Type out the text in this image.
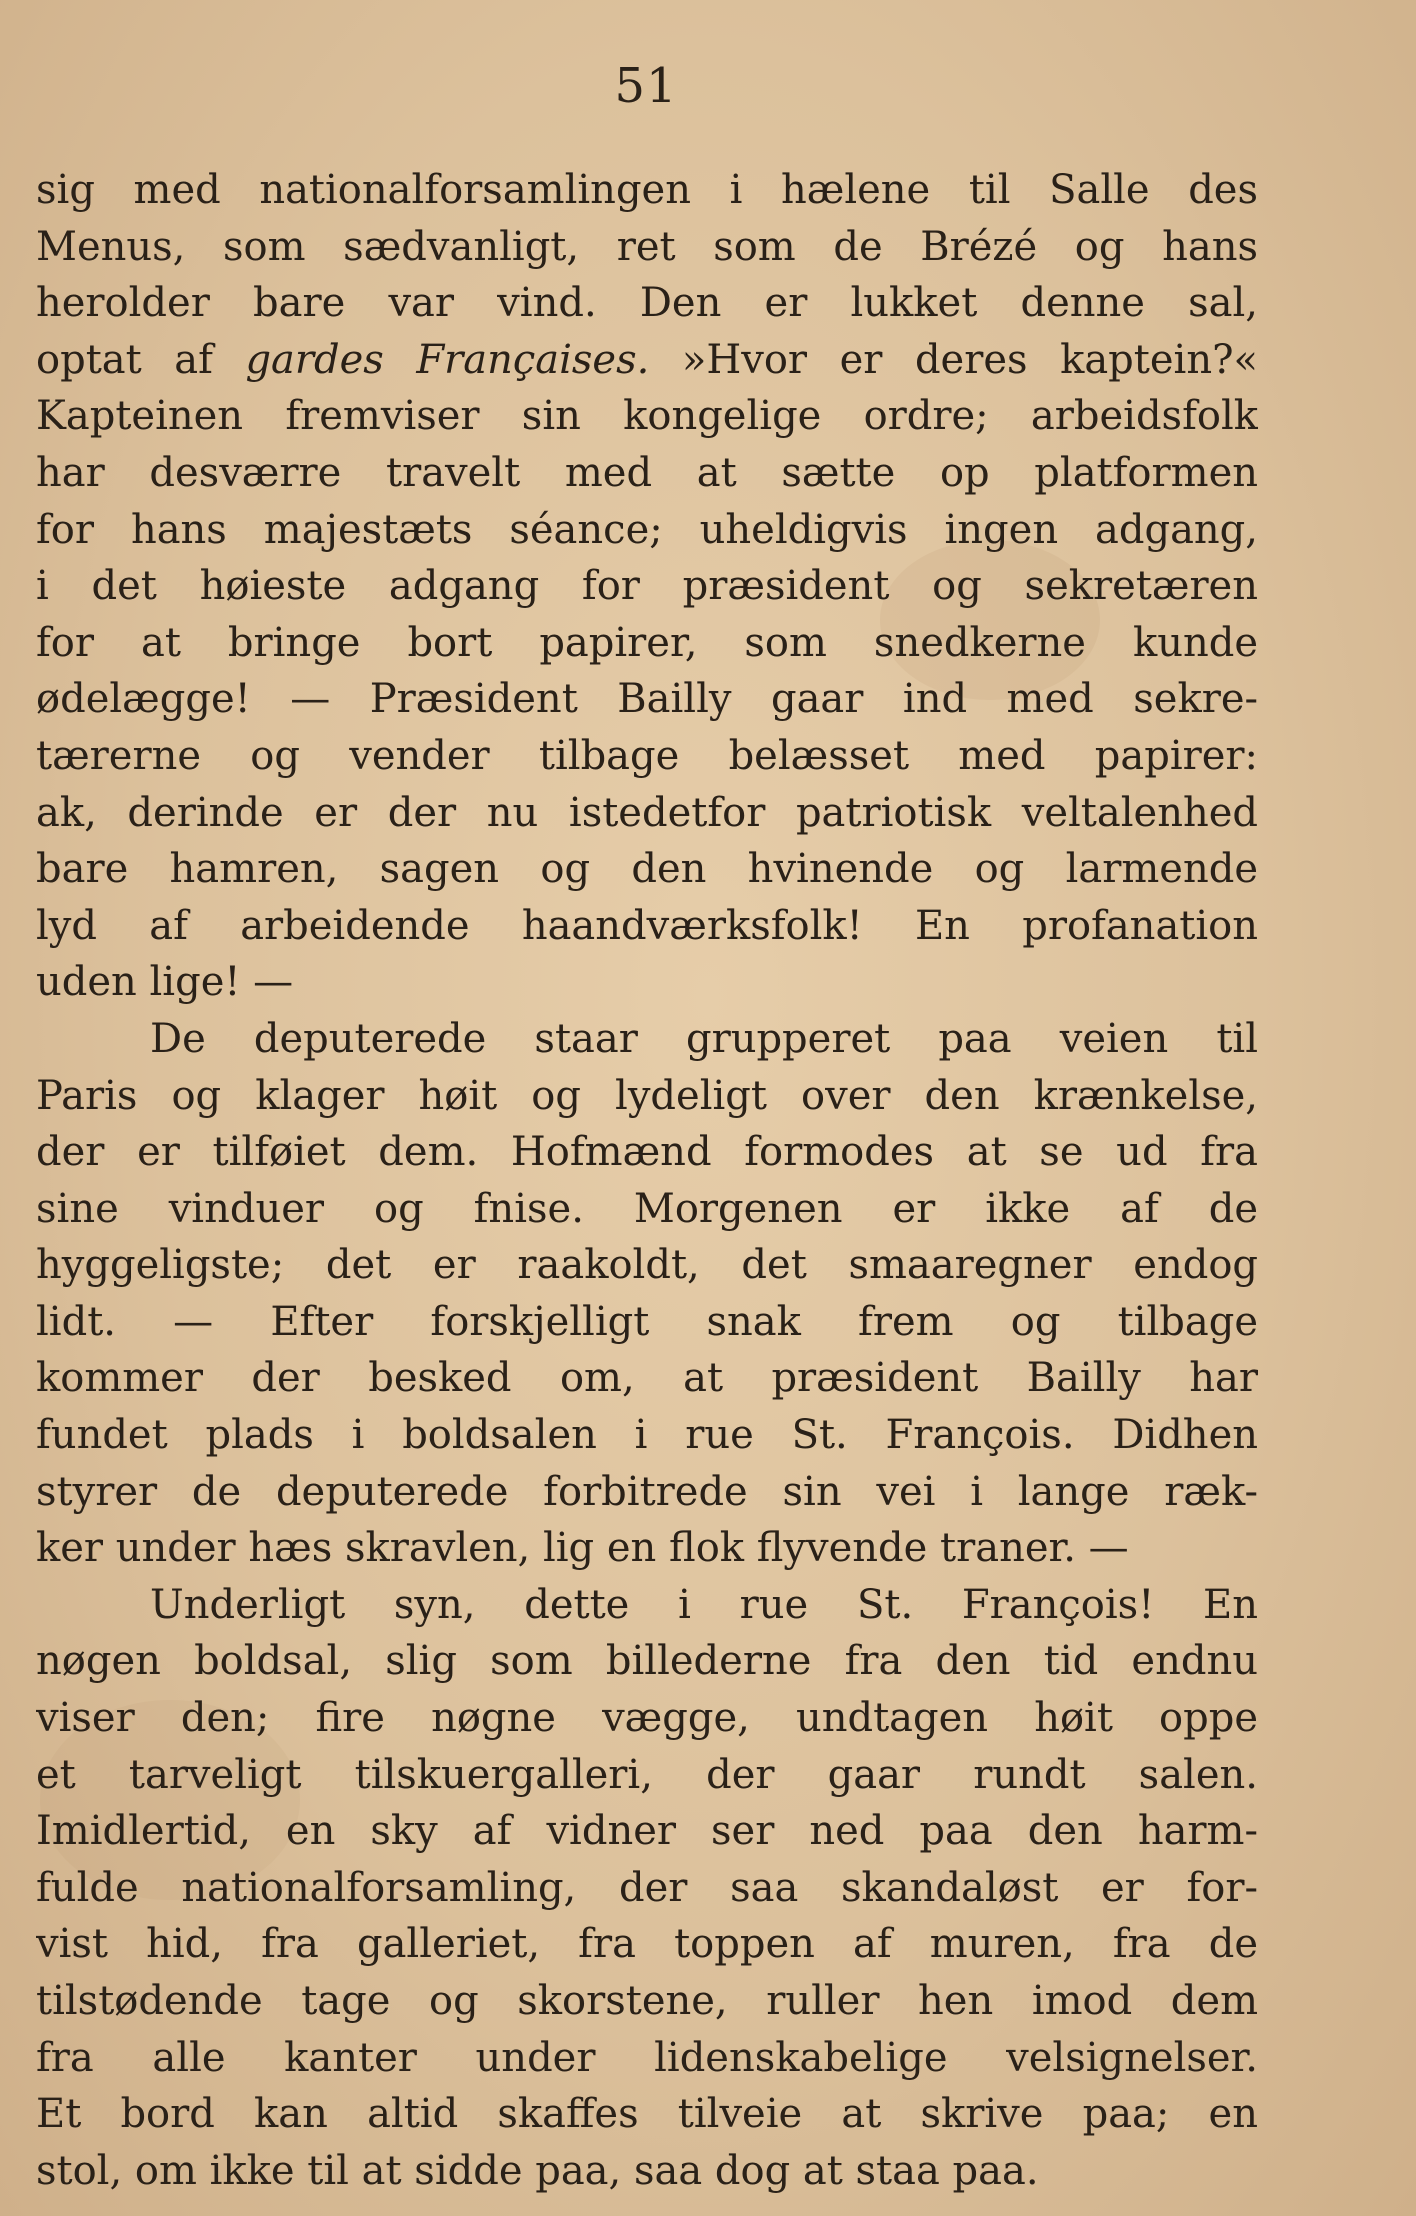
51
sig med nationalforsamlingen i hælene til Salle des
Menus, som sædvanligt, ret som de Brézé og hans
herolder bare var vind. Den er lukket denne sal,
optat af gardes Françaises. »Hvor er deres kaptein?«
Kapteinen fremviser sin kongelige ordre; arbeidsfolk
har desværre travelt med at sætte op platformen
for hans majestæts séance; uheldigvis ingen adgang,
i det høieste adgang for præsident og sekretæren
for at bringe bort papirer, som snedkerne kunde
ødelægge! — Præsident Bailly gaar ind med sekre-
tærerne og vender tilbage belæsset med papirer:
ak, derinde er der nu istedetfor patriotisk veltalenhed
bare hamren, sagen og den hvinende og larmende
lyd af arbeidende haandværksfolk! En profanation
uden lige! —
De deputerede staar grupperet paa veien til
Paris og klager høit og lydeligt over den krænkelse,
der er tilføiet dem. Hofmænd formodes at se ud fra
sine vinduer og fnise. Morgenen er ikke af de
hyggeligste; det er raakoldt, det smaaregner endog
lidt. — Efter forskjelligt snak frem og tilbage
kommer der besked om, at præsident Bailly har
fundet plads i boldsalen i rue St. François. Didhen
styrer de deputerede forbitrede sin vei i lange ræk-
ker under hæs skravlen, lig en flok flyvende traner. —
Underligt syn, dette i rue St. François! En
nøgen boldsal, slig som billederne fra den tid endnu
viser den; fire nøgne vægge, undtagen høit oppe
et tarveligt tilskuergalleri, der gaar rundt salen.
Imidlertid, en sky af vidner ser ned paa den harm-
fulde nationalforsamling, der saa skandaløst er for-
vist hid, fra galleriet, fra toppen af muren, fra de
tilstødende tage og skorstene, ruller hen imod dem
fra alle kanter under lidenskabelige velsignelser.
Et bord kan altid skaffes tilveie at skrive paa; en
stol, om ikke til at sidde paa, saa dog at staa paa.
